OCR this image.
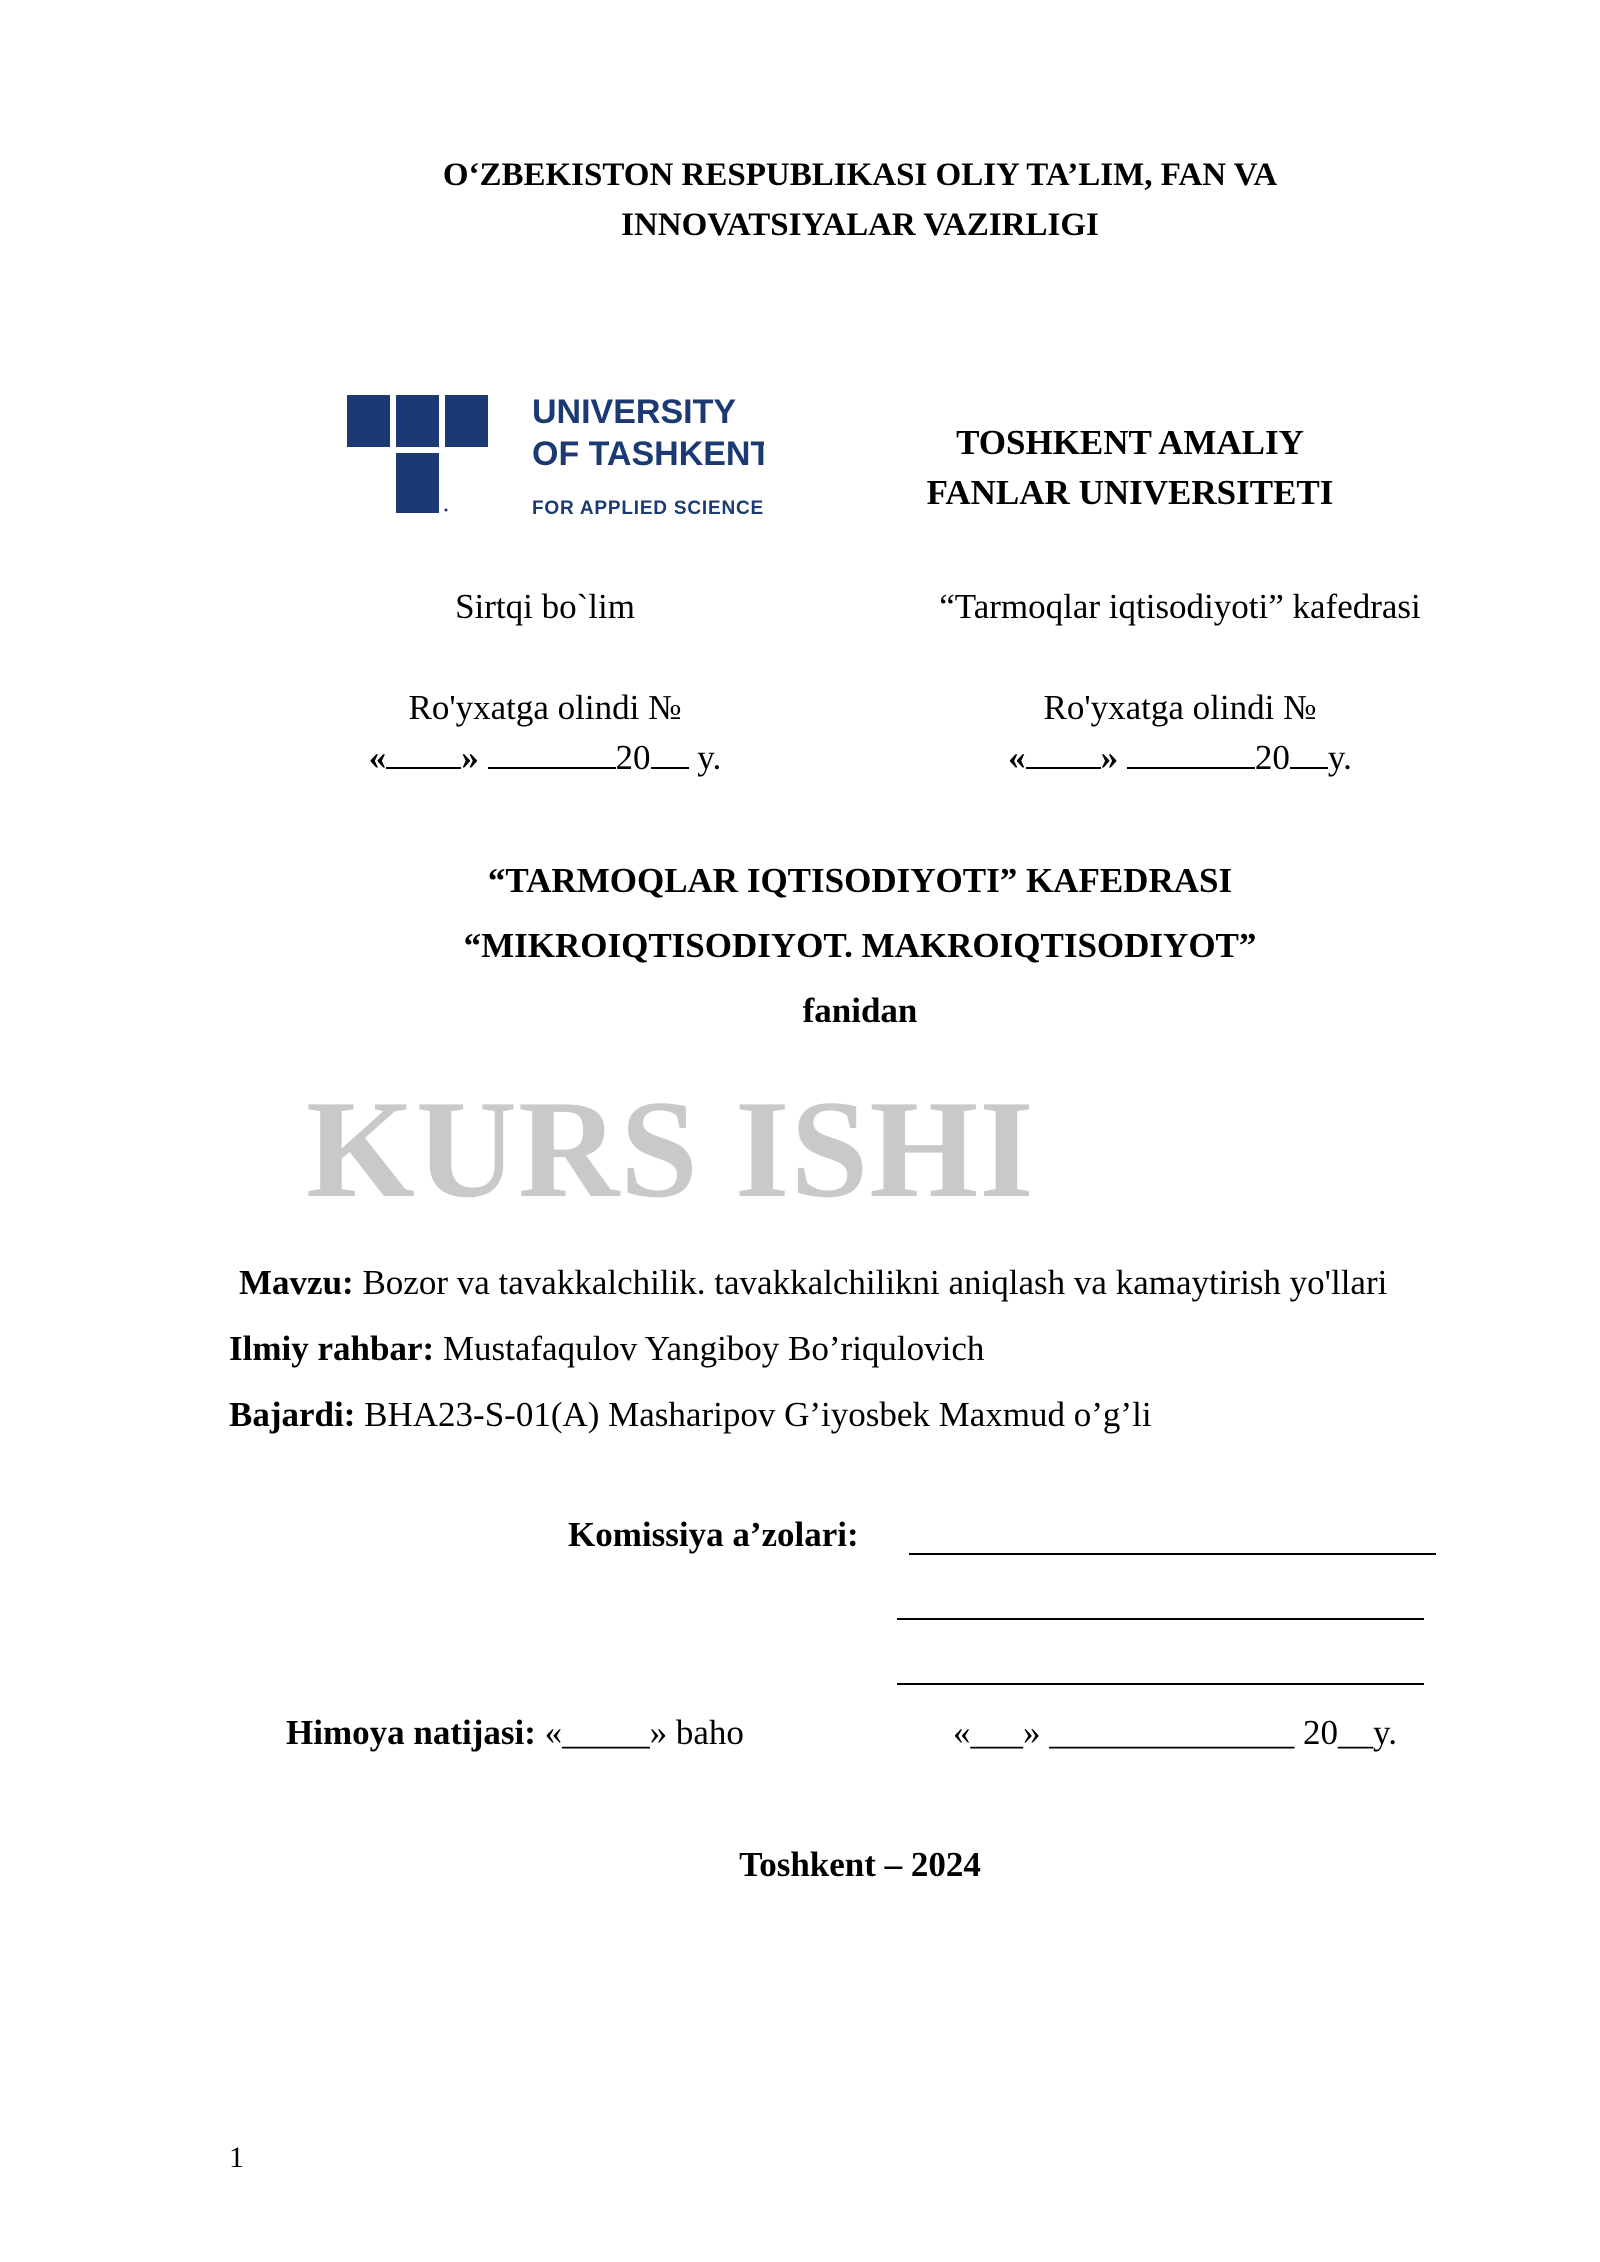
O‘ZBEKISTON RESPUBLIKASI OLIY TA’LIM, FAN VA
INNOVATSIYALAR VAZIRLIGI
UNIVERSITY
OF TASHKENT
FOR APPLIED SCIENCES
TOSHKENT AMALIY
FANLAR UNIVERSITETI
Sirtqi bo`lim	“Tarmoqlar iqtisodiyoti” kafedrasi
Ro'yxatga olindi №
« »	20 y.
Ro'yxatga olindi №
« »	20 y.
“TARMOQLAR IQTISODIYOTI” KAFEDRASI
“MIKROIQTISODIYOT. MAKROIQTISODIYOT”
fanidan
KURS ISHI
Mavzu: Bozor va tavakkalchilik. tavakkalchilikni aniqlash va kamaytirish yo'llari
Ilmiy rahbar: Mustafaqulov Yangiboy Bo’riqulovich
Bajardi: BHA23-S-01(A) Masharipov G’iyosbek Maxmud o’g’li
Komissiya a’zolari:
Himoya natijasi: «_____» baho	«___» ______________ 20__y.
Toshkent – 2024
1
